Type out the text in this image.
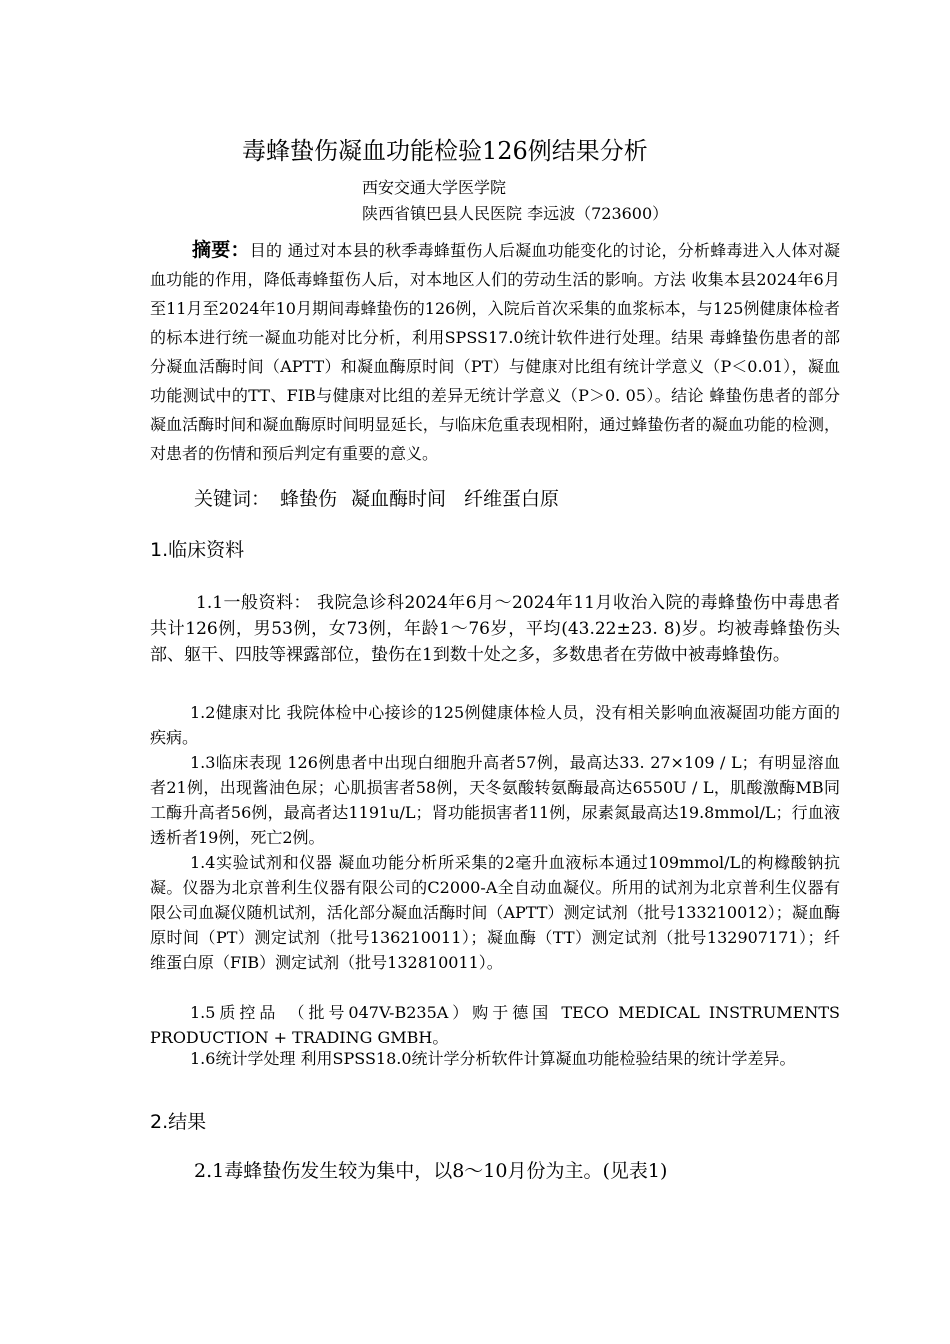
毒蜂蛰伤凝血功能检验126例结果分析
西安交通大学医学院
陕西省镇巴县人民医院 李远波（723600）

摘要：目的 通过对本县的秋季毒蜂蜇伤人后凝血功能变化的讨论，分析蜂毒进入人体对凝血功能的作用，降低毒蜂蜇伤人后，对本地区人们的劳动生活的影响。方法 收集本县2024年6月至11月至2024年10月期间毒蜂蛰伤的126例，入院后首次采集的血浆标本，与125例健康体检者的标本进行统一凝血功能对比分析，利用SPSS17.0统计软件进行处理。结果 毒蜂蛰伤患者的部分凝血活酶时间（APTT）和凝血酶原时间（PT）与健康对比组有统计学意义（P＜0.01），凝血功能测试中的TT、FIB与健康对比组的差异无统计学意义（P＞0. 05）。结论 蜂蛰伤患者的部分凝血活酶时间和凝血酶原时间明显延长，与临床危重表现相附，通过蜂蛰伤者的凝血功能的检测，对患者的伤情和预后判定有重要的意义。

关键词： 蜂蛰伤 凝血酶时间 纤维蛋白原
1.临床资料

1.1一般资料： 我院急诊科2024年6月～2024年11月收治入院的毒蜂蛰伤中毒患者共计126例，男53例，女73例，年龄1～76岁，平均(43.22±23. 8)岁。均被毒蜂蛰伤头部、躯干、四肢等裸露部位，蛰伤在1到数十处之多，多数患者在劳做中被毒蜂蛰伤。

1.2健康对比 我院体检中心接诊的125例健康体检人员，没有相关影响血液凝固功能方面的疾病。

1.3临床表现 126例患者中出现白细胞升高者57例，最高达33. 27×109 / L；有明显溶血者21例，出现酱油色尿；心肌损害者58例，天冬氨酸转氨酶最高达6550U / L，肌酸激酶MB同工酶升高者56例，最高者达1191u/L；肾功能损害者11例，尿素氮最高达19.8mmol/L；行血液透析者19例，死亡2例。

1.4实验试剂和仪器 凝血功能分析所采集的2毫升血液标本通过109mmol/L的枸橼酸钠抗凝。仪器为北京普利生仪器有限公司的C2000-A全自动血凝仪。所用的试剂为北京普利生仪器有限公司血凝仪随机试剂，活化部分凝血活酶时间（APTT）测定试剂（批号133210012）；凝血酶原时间（PT）测定试剂（批号136210011）；凝血酶（TT）测定试剂（批号132907171）；纤维蛋白原（FIB）测定试剂（批号132810011）。

1.5质控品 （批号047V-B235A）购于德国 TECO MEDICAL INSTRUMENTS PRODUCTION + TRADING GMBH。

1.6统计学处理 利用SPSS18.0统计学分析软件计算凝血功能检验结果的统计学差异。

2.结果
2.1毒蜂蛰伤发生较为集中，以8～10月份为主。(见表1)
